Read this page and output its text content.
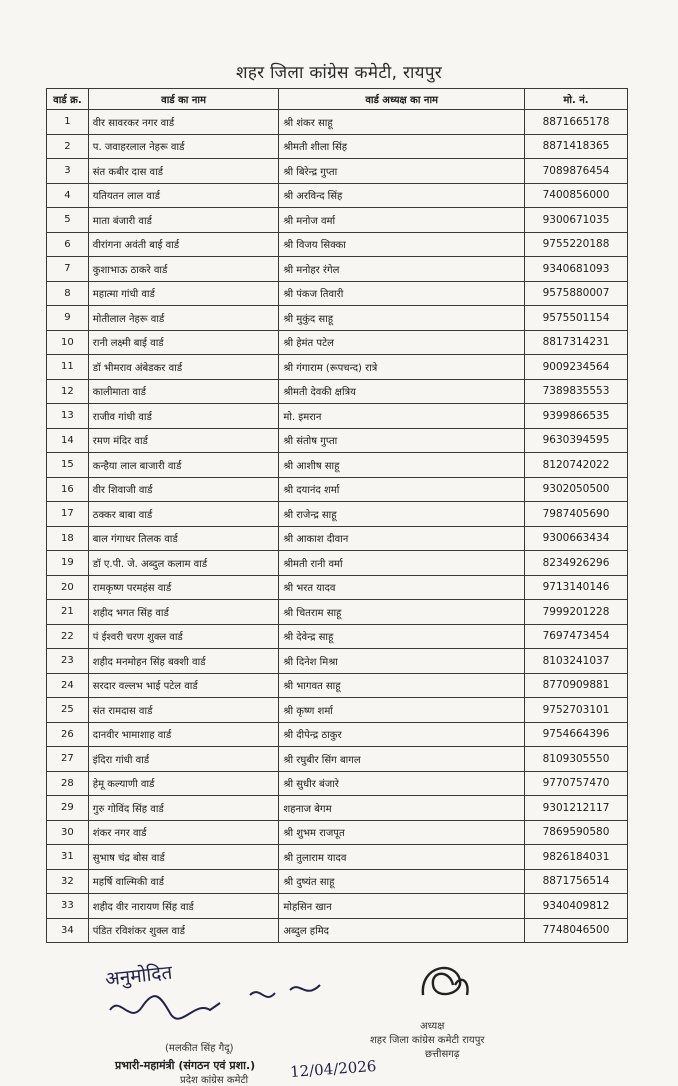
शहर जिला कांग्रेस कमेटी, रायपुर
वार्ड क्र.	वार्ड का नाम	वार्ड अध्यक्ष का नाम	मो. नं.
1	वीर सावरकर नगर वार्ड	श्री शंकर साहू	8871665178
2	प. जवाहरलाल नेहरू वार्ड	श्रीमती शीला सिंह	8871418365
3	संत कबीर दास वार्ड	श्री बिरेन्द्र गुप्ता	7089876454
4	यतियतन लाल वार्ड	श्री अरविन्द सिंह	7400856000
5	माता बंजारी वार्ड	श्री मनोज वर्मा	9300671035
6	वीरांगना अवंती बाई वार्ड	श्री विजय सिक्का	9755220188
7	कुशाभाऊ ठाकरे वार्ड	श्री मनोहर रंगेल	9340681093
8	महात्मा गांधी वार्ड	श्री पंकज तिवारी	9575880007
9	मोतीलाल नेहरू वार्ड	श्री मुकुंद साहू	9575501154
10	रानी लक्ष्मी बाई वार्ड	श्री हेमंत पटेल	8817314231
11	डॉ भीमराव अंबेडकर वार्ड	श्री गंगाराम (रूपचन्द) रात्रे	9009234564
12	कालीमाता वार्ड	श्रीमती देवकी क्षत्रिय	7389835553
13	राजीव गांधी वार्ड	मो. इमरान	9399866535
14	रमण मंदिर वार्ड	श्री संतोष गुप्ता	9630394595
15	कन्हैया लाल बाजारी वार्ड	श्री आशीष साहू	8120742022
16	वीर शिवाजी वार्ड	श्री दयानंद शर्मा	9302050500
17	ठक्कर बाबा वार्ड	श्री राजेन्द्र साहू	7987405690
18	बाल गंगाधर तिलक वार्ड	श्री आकाश दीवान	9300663434
19	डॉ ए.पी. जे. अब्दुल कलाम वार्ड	श्रीमती रानी वर्मा	8234926296
20	रामकृष्ण परमहंस वार्ड	श्री भरत यादव	9713140146
21	शहीद भगत सिंह वार्ड	श्री चितराम साहू	7999201228
22	पं ईश्वरी चरण शुक्ल वार्ड	श्री देवेन्द्र साहू	7697473454
23	शहीद मनमोहन सिंह बक्शी वार्ड	श्री दिनेश मिश्रा	8103241037
24	सरदार वल्लभ भाई पटेल वार्ड	श्री भागवत साहू	8770909881
25	संत रामदास वार्ड	श्री कृष्ण शर्मा	9752703101
26	दानवीर भामाशाह वार्ड	श्री दीपेन्द्र ठाकुर	9754664396
27	इंदिरा गांधी वार्ड	श्री रघुबीर सिंग बागल	8109305550
28	हेमू कल्याणी वार्ड	श्री सुधीर बंजारे	9770757470
29	गुरु गोविंद सिंह वार्ड	शहनाज बेगम	9301212117
30	शंकर नगर वार्ड	श्री शुभम राजपूत	7869590580
31	सुभाष चंद्र बोस वार्ड	श्री तुलाराम यादव	9826184031
32	महर्षि वाल्मिकी वार्ड	श्री दुष्यंत साहू	8871756514
33	शहीद वीर नारायण सिंह वार्ड	मोहसिन खान	9340409812
34	पंडित रविशंकर शुक्ल वार्ड	अब्दुल हमिद	7748046500
अनुमोदित
(मलकीत सिंह गैदू)
प्रभारी-महामंत्री (संगठन एवं प्रशा.)
प्रदेश कांग्रेस कमेटी	12/04/2026
अध्यक्ष
शहर जिला कांग्रेस कमेटी रायपुर
छत्तीसगढ़
